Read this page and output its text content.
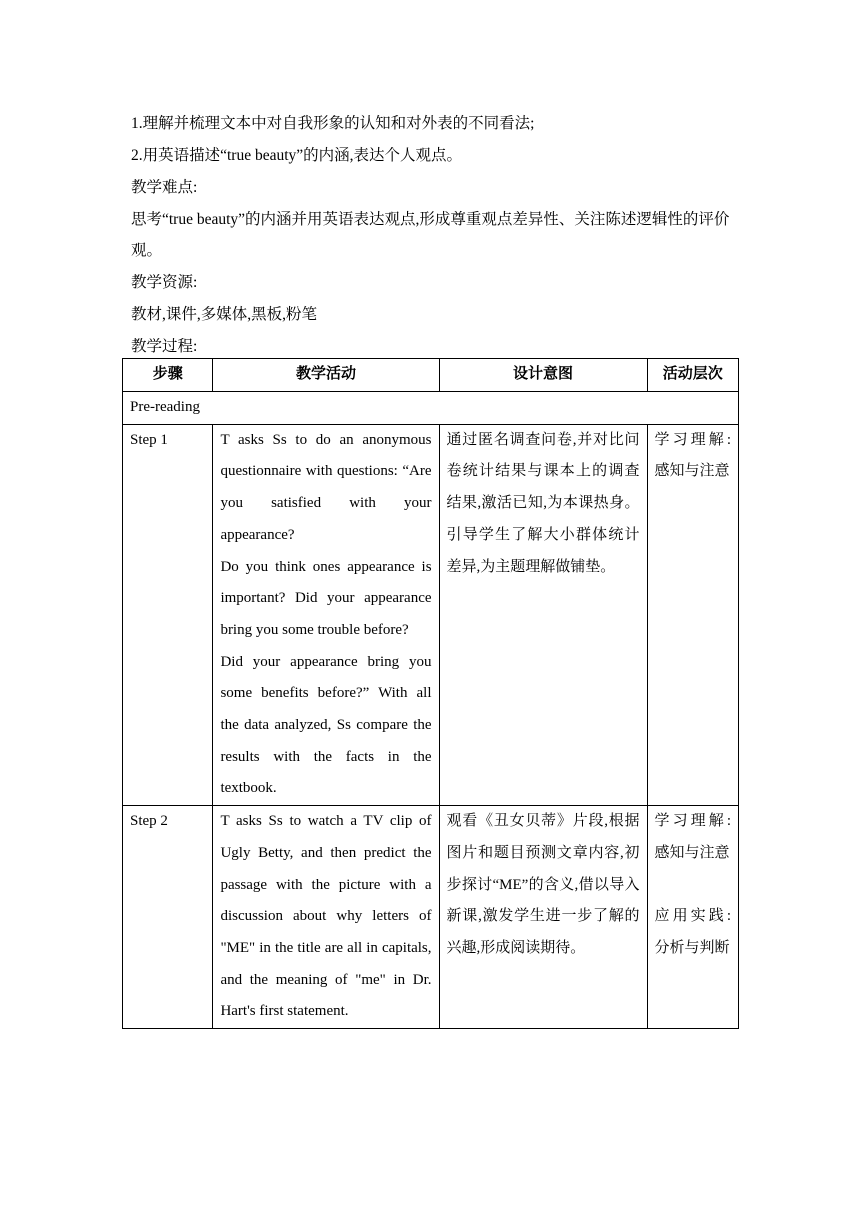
1.理解并梳理文本中对自我形象的认知和对外表的不同看法;

2.用英语描述“true beauty”的内涵,表达个人观点。

教学难点:

思考“true beauty”的内涵并用英语表达观点,形成尊重观点差异性、关注陈述逻辑性的评价观。

教学资源:

教材,课件,多媒体,黑板,粉笔

教学过程:

步骤	教学活动	设计意图	活动层次
Pre-reading			
Step 1	T asks Ss to do an anonymous questionnaire with questions: “Are you satisfied with your appearance?
Do you think ones appearance is important? Did your appearance bring you some trouble before?
Did your appearance bring you some benefits before?” With all the data analyzed, Ss compare the results with the facts in the textbook.	通过匿名调查问卷,并对比问卷统计结果与课本上的调查结果,激活已知,为本课热身。引导学生了解大小群体统计差异,为主题理解做铺垫。	学习理解:感知与注意

Step 2	T asks Ss to watch a TV clip of Ugly Betty, and then predict the passage with the picture with a discussion about why letters of "ME" in the title are all in capitals, and the meaning of "me" in Dr. Hart's first statement.	观看《丑女贝蒂》片段,根据图片和题目预测文章内容,初步探讨“ME”的含义,借以导入新课,激发学生进一步了解的兴趣,形成阅读期待。	学习理解:感知与注意
应用实践:分析与判断
